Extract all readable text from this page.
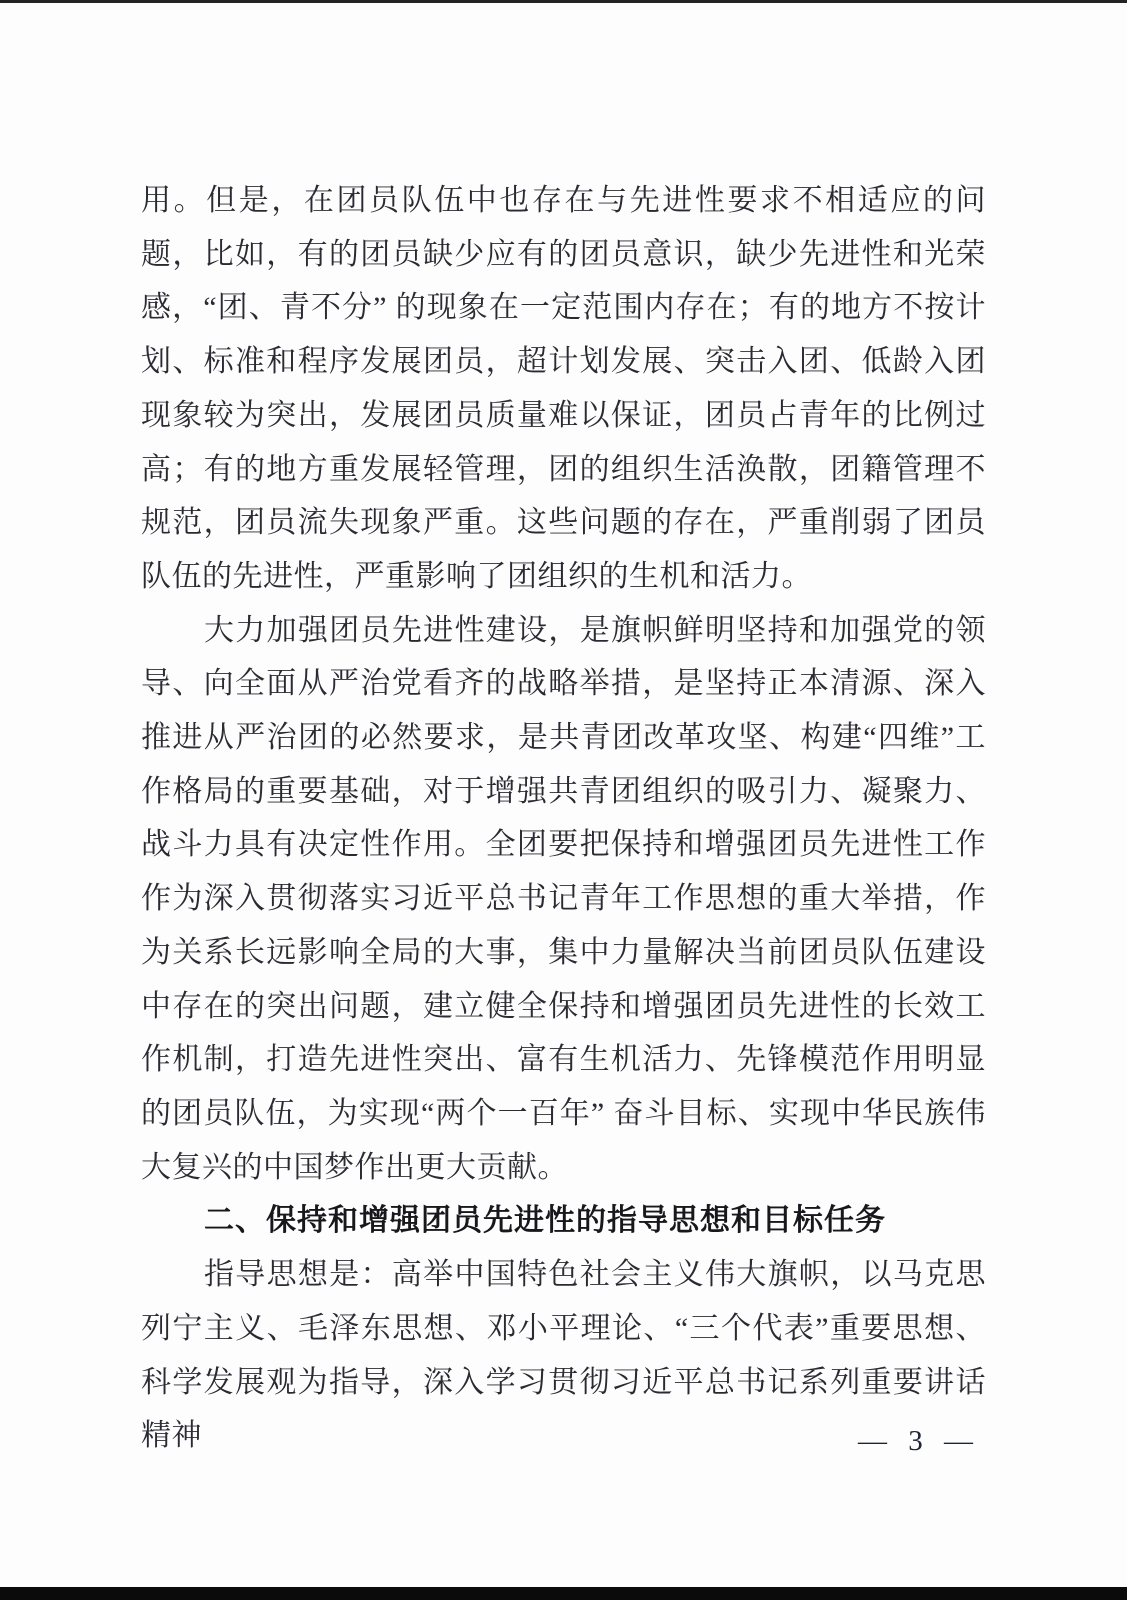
用。但是，在团员队伍中也存在与先进性要求不相适应的问题，比如，有的团员缺少应有的团员意识，缺少先进性和光荣感，“团、青不分” 的现象在一定范围内存在；有的地方不按计划、标准和程序发展团员，超计划发展、突击入团、低龄入团现象较为突出，发展团员质量难以保证，团员占青年的比例过高；有的地方重发展轻管理，团的组织生活涣散，团籍管理不规范，团员流失现象严重。这些问题的存在，严重削弱了团员队伍的先进性，严重影响了团组织的生机和活力。

大力加强团员先进性建设，是旗帜鲜明坚持和加强党的领导、向全面从严治党看齐的战略举措，是坚持正本清源、深入推进从严治团的必然要求，是共青团改革攻坚、构建“四维”工作格局的重要基础，对于增强共青团组织的吸引力、凝聚力、战斗力具有决定性作用。全团要把保持和增强团员先进性工作作为深入贯彻落实习近平总书记青年工作思想的重大举措，作为关系长远影响全局的大事，集中力量解决当前团员队伍建设中存在的突出问题，建立健全保持和增强团员先进性的长效工作机制，打造先进性突出、富有生机活力、先锋模范作用明显的团员队伍，为实现“两个一百年” 奋斗目标、实现中华民族伟大复兴的中国梦作出更大贡献。

二、保持和增强团员先进性的指导思想和目标任务

指导思想是：高举中国特色社会主义伟大旗帜，以马克思列宁主义、毛泽东思想、邓小平理论、“三个代表”重要思想、科学发展观为指导，深入学习贯彻习近平总书记系列重要讲话精神	— 3 —
